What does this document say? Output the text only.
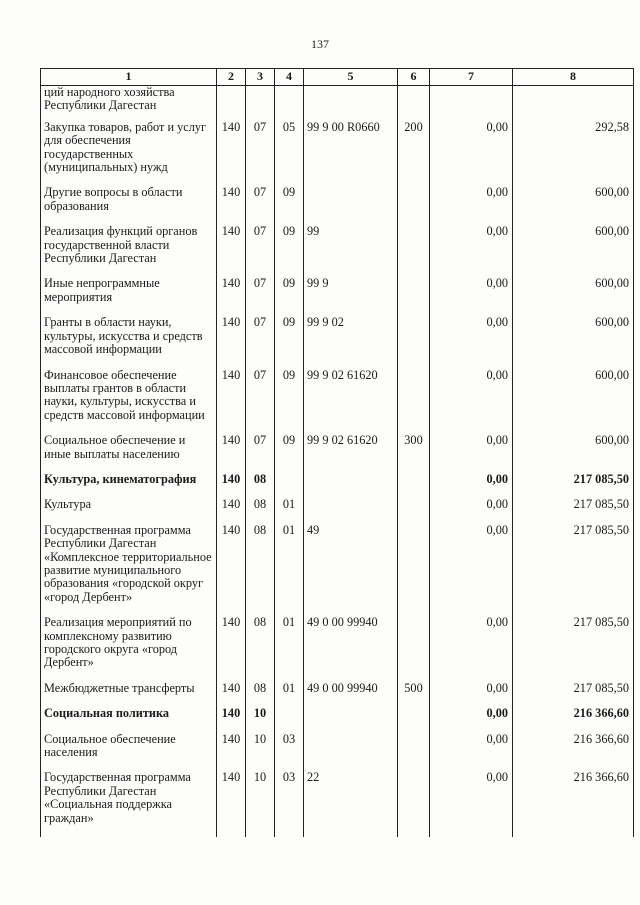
137
1	2	3	4	5	6	7	8
ций народного хозяйства Республики Дагестан							
Закупка товаров, работ и услуг для обеспечения государственных (муниципальных) нужд	140	07	05	99 9 00 R0660	200	0,00	292,58
Другие вопросы в области образования	140	07	09			0,00	600,00
Реализация функций органов государственной власти Республики Дагестан	140	07	09	99		0,00	600,00
Иные непрограммные мероприятия	140	07	09	99 9		0,00	600,00
Гранты в области науки, культуры, искусства и средств массовой информации	140	07	09	99 9 02		0,00	600,00
Финансовое обеспечение выплаты грантов в области науки, культуры, искусства и средств массовой информации	140	07	09	99 9 02 61620		0,00	600,00
Социальное обеспечение и иные выплаты населению	140	07	09	99 9 02 61620	300	0,00	600,00
Культура, кинематография	140	08				0,00	217 085,50
Культура	140	08	01			0,00	217 085,50
Государственная программа Республики Дагестан «Комплексное территориальное развитие муниципального образования «городской округ «город Дербент»	140	08	01	49		0,00	217 085,50
Реализация мероприятий по комплексному развитию городского округа «город Дербент»	140	08	01	49 0 00 99940		0,00	217 085,50
Межбюджетные трансферты	140	08	01	49 0 00 99940	500	0,00	217 085,50
Социальная политика	140	10				0,00	216 366,60
Социальное обеспечение населения	140	10	03			0,00	216 366,60
Государственная программа Республики Дагестан «Социальная поддержка граждан»	140	10	03	22		0,00	216 366,60
